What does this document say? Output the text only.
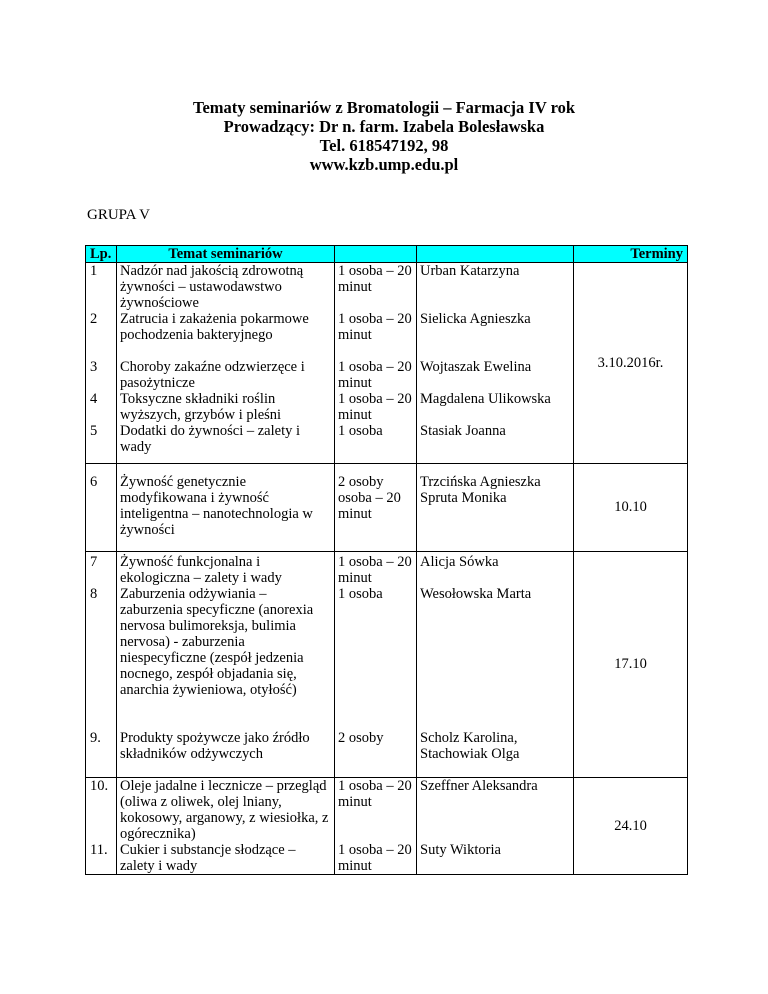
Tematy seminariów z Bromatologii – Farmacja IV rok
Prowadzący: Dr n. farm. Izabela Bolesławska
Tel. 618547192, 98
www.kzb.ump.edu.pl
GRUPA V
Lp.	Temat seminariów			Terminy
1	Nadzór nad jakością zdrowotną żywności – ustawodawstwo żywnościowe	1 osoba – 20 minut	Urban Katarzyna	3.10.2016r.
2	Zatrucia i zakażenia pokarmowe pochodzenia bakteryjnego	1 osoba – 20 minut	Sielicka Agnieszka	
3	Choroby zakaźne odzwierzęce i pasożytnicze	1 osoba – 20 minut	Wojtaszak Ewelina	
4	Toksyczne składniki roślin wyższych, grzybów i pleśni	1 osoba – 20 minut	Magdalena Ulikowska	
5	Dodatki do żywności – zalety i wady	1 osoba	Stasiak Joanna	
6	Żywność genetycznie modyfikowana i żywność inteligentna – nanotechnologia w żywności	2 osoby osoba – 20 minut	Trzcińska Agnieszka Spruta Monika	10.10
7	Żywność funkcjonalna i ekologiczna – zalety i wady	1 osoba – 20 minut	Alicja Sówka	17.10
8	Zaburzenia odżywiania – zaburzenia specyficzne (anorexia nervosa bulimoreksja, bulimia nervosa) - zaburzenia niespecyficzne (zespół jedzenia nocnego, zespół objadania się, anarchia żywieniowa, otyłość)	1 osoba	Wesołowska Marta	
9.	Produkty spożywcze jako źródło składników odżywczych	2 osoby	Scholz Karolina, Stachowiak Olga	
10.	Oleje jadalne i lecznicze – przegląd (oliwa z oliwek, olej lniany, kokosowy, arganowy, z wiesiołka, z ogórecznika)	1 osoba – 20 minut	Szeffner Aleksandra	24.10
11.	Cukier i substancje słodzące – zalety i wady	1 osoba – 20 minut	Suty Wiktoria	
